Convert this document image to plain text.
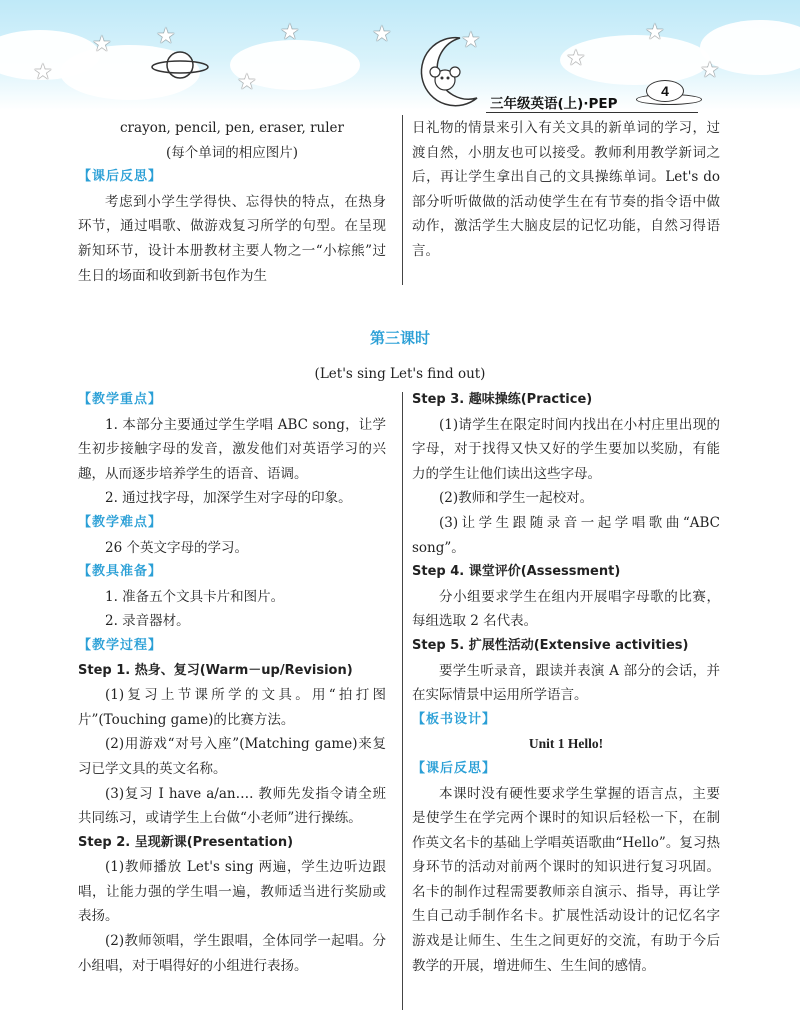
★
★ ★
★
★	★	★
★
★
★
三年级英语(上)·PEP
4

crayon, pencil, pen, eraser, ruler

(每个单词的相应图片)

【课后反思】

考虑到小学生学得快、忘得快的特点，在热身环节，通过唱歌、做游戏复习所学的句型。在呈现新知环节，设计本册教材主要人物之一“小棕熊”过生日的场面和收到新书包作为生

日礼物的情景来引入有关文具的新单词的学习，过渡自然，小朋友也可以接受。教师利用教学新词之后，再让学生拿出自己的文具操练单词。Let's do 部分听听做做的活动使学生在有节奏的指令语中做动作，激活学生大脑皮层的记忆功能，自然习得语言。

第三课时
(Let's sing Let's find out)

【教学重点】

1. 本部分主要通过学生学唱 ABC song，让学生初步接触字母的发音，激发他们对英语学习的兴趣，从而逐步培养学生的语音、语调。

2. 通过找字母，加深学生对字母的印象。

【教学难点】

26 个英文字母的学习。

【教具准备】

1. 准备五个文具卡片和图片。

2. 录音器材。

【教学过程】

Step 1. 热身、复习(Warm－up/Revision)

(1)复习上节课所学的文具。用“拍打图片”(Touching game)的比赛方法。

(2)用游戏“对号入座”(Matching game)来复习已学文具的英文名称。

(3)复习 I have a/an…. 教师先发指令请全班共同练习，或请学生上台做“小老师”进行操练。

Step 2. 呈现新课(Presentation)

(1)教师播放 Let's sing 两遍，学生边听边跟唱，让能力强的学生唱一遍，教师适当进行奖励或表扬。

(2)教师领唱，学生跟唱，全体同学一起唱。分小组唱，对于唱得好的小组进行表扬。

Step 3. 趣味操练(Practice)

(1)请学生在限定时间内找出在小村庄里出现的字母，对于找得又快又好的学生要加以奖励，有能力的学生让他们读出这些字母。

(2)教师和学生一起校对。

(3)让学生跟随录音一起学唱歌曲“ABC song”。

Step 4. 课堂评价(Assessment)

分小组要求学生在组内开展唱字母歌的比赛，每组选取 2 名代表。

Step 5. 扩展性活动(Extensive activities)

要学生听录音，跟读并表演 A 部分的会话，并在实际情景中运用所学语言。

【板书设计】

Unit 1 Hello!

【课后反思】

本课时没有硬性要求学生掌握的语言点，主要是使学生在学完两个课时的知识后轻松一下，在制作英文名卡的基础上学唱英语歌曲“Hello”。复习热身环节的活动对前两个课时的知识进行复习巩固。名卡的制作过程需要教师亲自演示、指导，再让学生自己动手制作名卡。扩展性活动设计的记忆名字游戏是让师生、生生之间更好的交流，有助于今后教学的开展，增进师生、生生间的感情。
